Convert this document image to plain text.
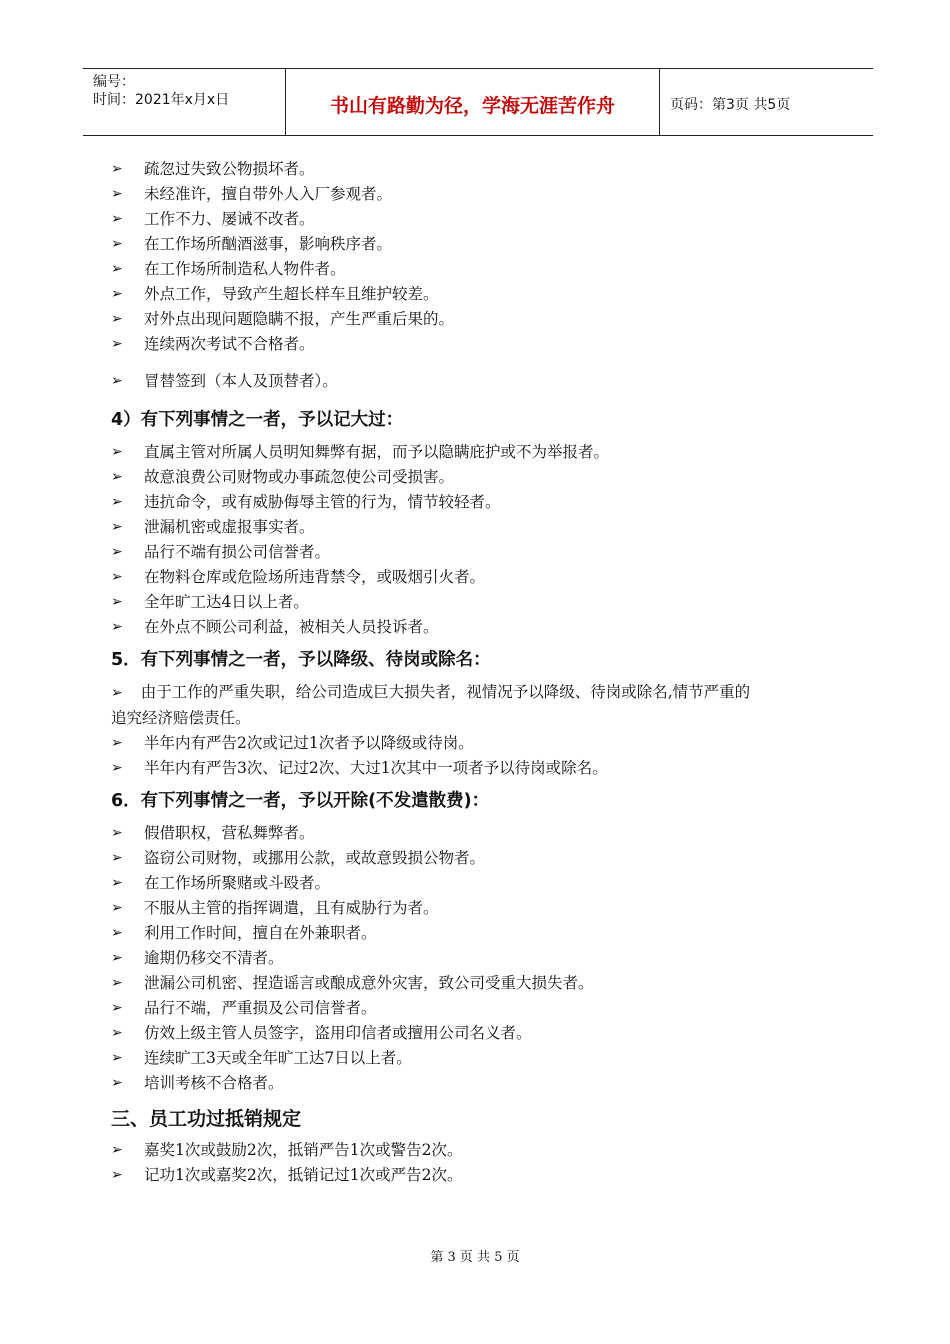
编号：
时间：2021年x月x日	书山有路勤为径，学海无涯苦作舟	页码：第3页 共5页
➢ 疏忽过失致公物损坏者。
➢ 未经准许，擅自带外人入厂参观者。
➢ 工作不力、屡诫不改者。
➢ 在工作场所酗酒滋事，影响秩序者。
➢ 在工作场所制造私人物件者。
➢ 外点工作，导致产生超长样车且维护较差。
➢ 对外点出现问题隐瞒不报，产生严重后果的。
➢ 连续两次考试不合格者。
➢ 冒替签到（本人及顶替者）。
4）有下列事情之一者，予以记大过：
➢ 直属主管对所属人员明知舞弊有据，而予以隐瞒庇护或不为举报者。
➢ 故意浪费公司财物或办事疏忽使公司受损害。
➢ 违抗命令，或有威胁侮辱主管的行为，情节较轻者。
➢ 泄漏机密或虚报事实者。
➢ 品行不端有损公司信誉者。
➢ 在物料仓库或危险场所违背禁令，或吸烟引火者。
➢ 全年旷工达4日以上者。
➢ 在外点不顾公司利益，被相关人员投诉者。
5．有下列事情之一者，予以降级、待岗或除名：
➢ 由于工作的严重失职，给公司造成巨大损失者，视情况予以降级、待岗或除名,情节严重的追究经济赔偿责任。
➢ 半年内有严告2次或记过1次者予以降级或待岗。
➢ 半年内有严告3次、记过2次、大过1次其中一项者予以待岗或除名。
6．有下列事情之一者，予以开除(不发遣散费)：
➢ 假借职权，营私舞弊者。
➢ 盗窃公司财物，或挪用公款，或故意毁损公物者。
➢ 在工作场所聚赌或斗殴者。
➢ 不服从主管的指挥调遣，且有威胁行为者。
➢ 利用工作时间，擅自在外兼职者。
➢ 逾期仍移交不清者。
➢ 泄漏公司机密、捏造谣言或酿成意外灾害，致公司受重大损失者。
➢ 品行不端，严重损及公司信誉者。
➢ 仿效上级主管人员签字，盗用印信者或擅用公司名义者。
➢ 连续旷工3天或全年旷工达7日以上者。
➢ 培训考核不合格者。
三、员工功过抵销规定
➢ 嘉奖1次或鼓励2次，抵销严告1次或警告2次。
➢ 记功1次或嘉奖2次，抵销记过1次或严告2次。
第 3 页 共 5 页
